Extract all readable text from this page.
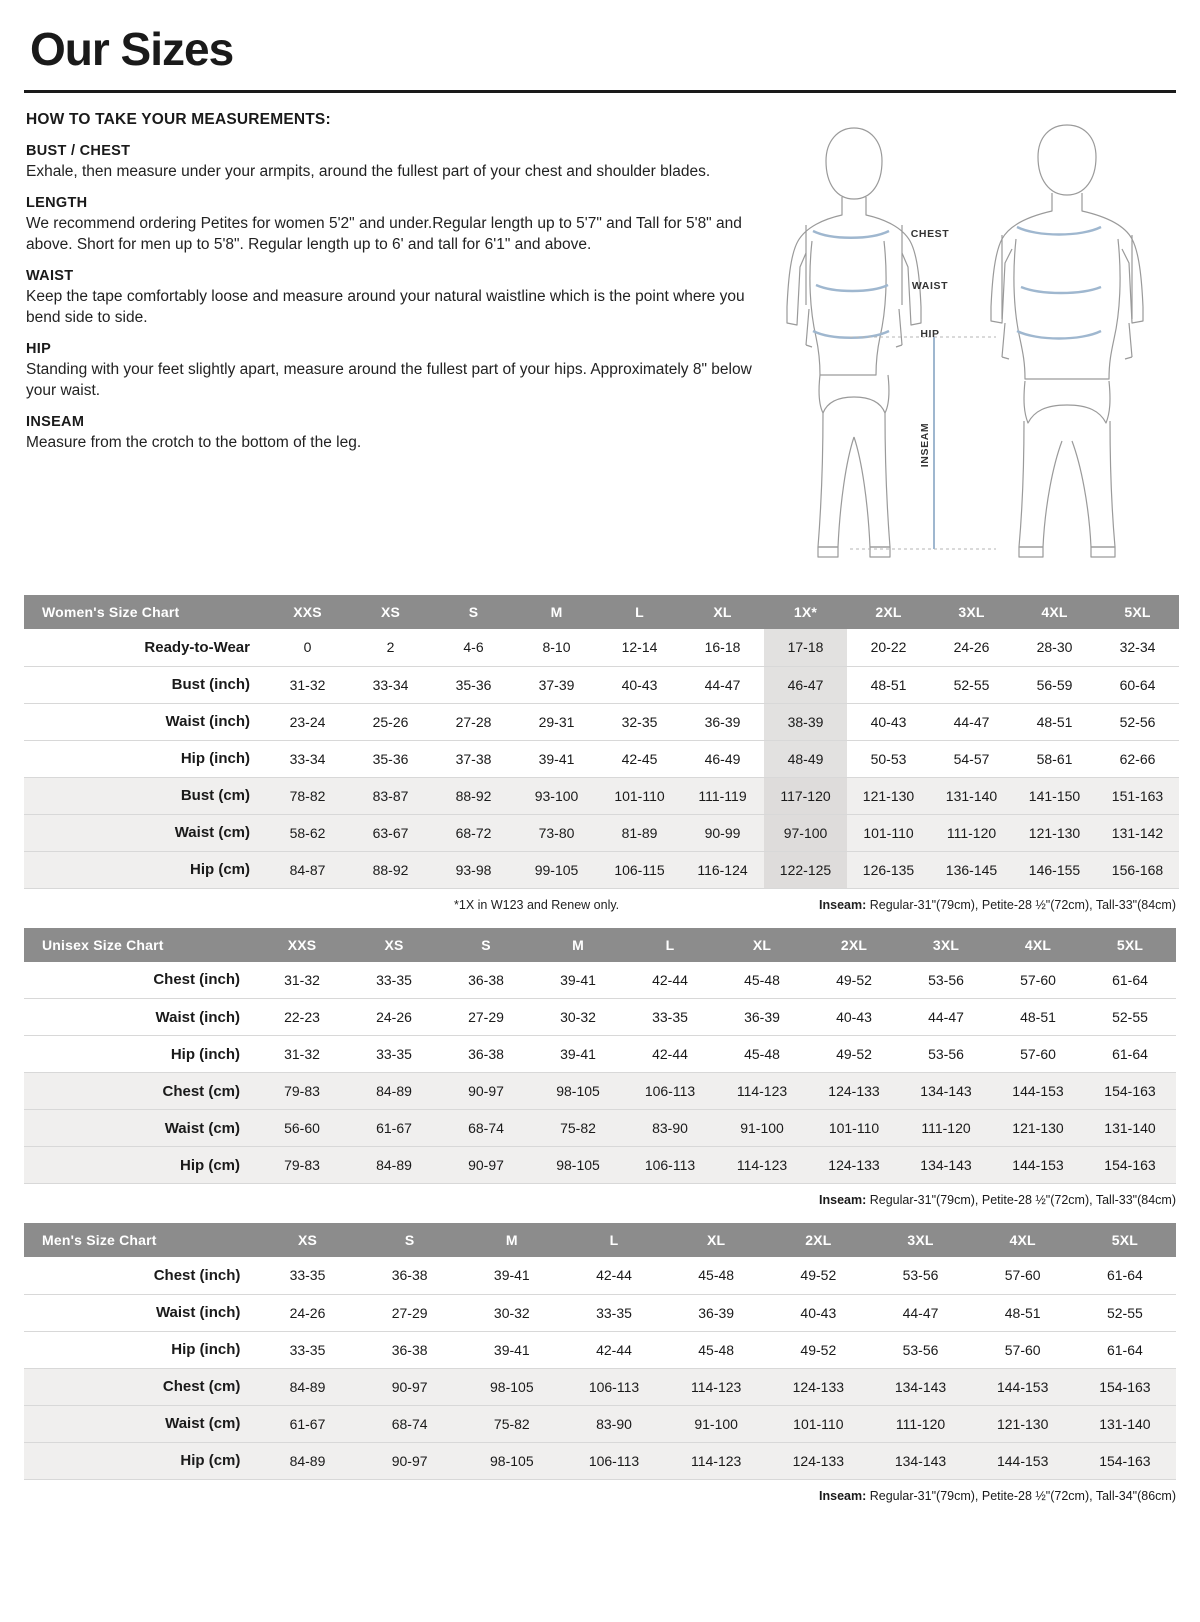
Our Sizes
HOW TO TAKE YOUR MEASUREMENTS:
BUST / CHEST
Exhale, then measure under your armpits, around the fullest part of your chest and shoulder blades.
LENGTH
We recommend ordering Petites for women 5'2" and under.Regular length up to 5'7" and Tall for 5'8" and above. Short for men up to 5'8". Regular length up to 6' and tall for 6'1" and above.
WAIST
Keep the tape comfortably loose and measure around your natural waistline which is the point where you bend side to side.
HIP
Standing with your feet slightly apart, measure around the fullest part of your hips. Approximately 8" below your waist.
INSEAM
Measure from the crotch to the bottom of the leg.
CHEST
WAIST
HIP
INSEAM
Women's Size Chart	XXS	XS	S	M	L	XL	1X*	2XL	3XL	4XL	5XL
Ready-to-Wear	0	2	4-6	8-10	12-14	16-18	17-18	20-22	24-26	28-30	32-34
Bust (inch)	31-32	33-34	35-36	37-39	40-43	44-47	46-47	48-51	52-55	56-59	60-64
Waist (inch)	23-24	25-26	27-28	29-31	32-35	36-39	38-39	40-43	44-47	48-51	52-56
Hip (inch)	33-34	35-36	37-38	39-41	42-45	46-49	48-49	50-53	54-57	58-61	62-66
Bust (cm)	78-82	83-87	88-92	93-100	101-110	111-119	117-120	121-130	131-140	141-150	151-163
Waist (cm)	58-62	63-67	68-72	73-80	81-89	90-99	97-100	101-110	111-120	121-130	131-142
Hip (cm)	84-87	88-92	93-98	99-105	106-115	116-124	122-125	126-135	136-145	146-155	156-168
*1X in W123 and Renew only.	Inseam: Regular-31"(79cm), Petite-28 ½"(72cm), Tall-33"(84cm)
Unisex Size Chart	XXS	XS	S	M	L	XL	2XL	3XL	4XL	5XL
Chest (inch)	31-32	33-35	36-38	39-41	42-44	45-48	49-52	53-56	57-60	61-64
Waist (inch)	22-23	24-26	27-29	30-32	33-35	36-39	40-43	44-47	48-51	52-55
Hip (inch)	31-32	33-35	36-38	39-41	42-44	45-48	49-52	53-56	57-60	61-64
Chest (cm)	79-83	84-89	90-97	98-105	106-113	114-123	124-133	134-143	144-153	154-163
Waist (cm)	56-60	61-67	68-74	75-82	83-90	91-100	101-110	111-120	121-130	131-140
Hip (cm)	79-83	84-89	90-97	98-105	106-113	114-123	124-133	134-143	144-153	154-163
Inseam: Regular-31"(79cm), Petite-28 ½"(72cm), Tall-33"(84cm)
Men's Size Chart	XS	S	M	L	XL	2XL	3XL	4XL	5XL
Chest (inch)	33-35	36-38	39-41	42-44	45-48	49-52	53-56	57-60	61-64
Waist (inch)	24-26	27-29	30-32	33-35	36-39	40-43	44-47	48-51	52-55
Hip (inch)	33-35	36-38	39-41	42-44	45-48	49-52	53-56	57-60	61-64
Chest (cm)	84-89	90-97	98-105	106-113	114-123	124-133	134-143	144-153	154-163
Waist (cm)	61-67	68-74	75-82	83-90	91-100	101-110	111-120	121-130	131-140
Hip (cm)	84-89	90-97	98-105	106-113	114-123	124-133	134-143	144-153	154-163
Inseam: Regular-31"(79cm), Petite-28 ½"(72cm), Tall-34"(86cm)
